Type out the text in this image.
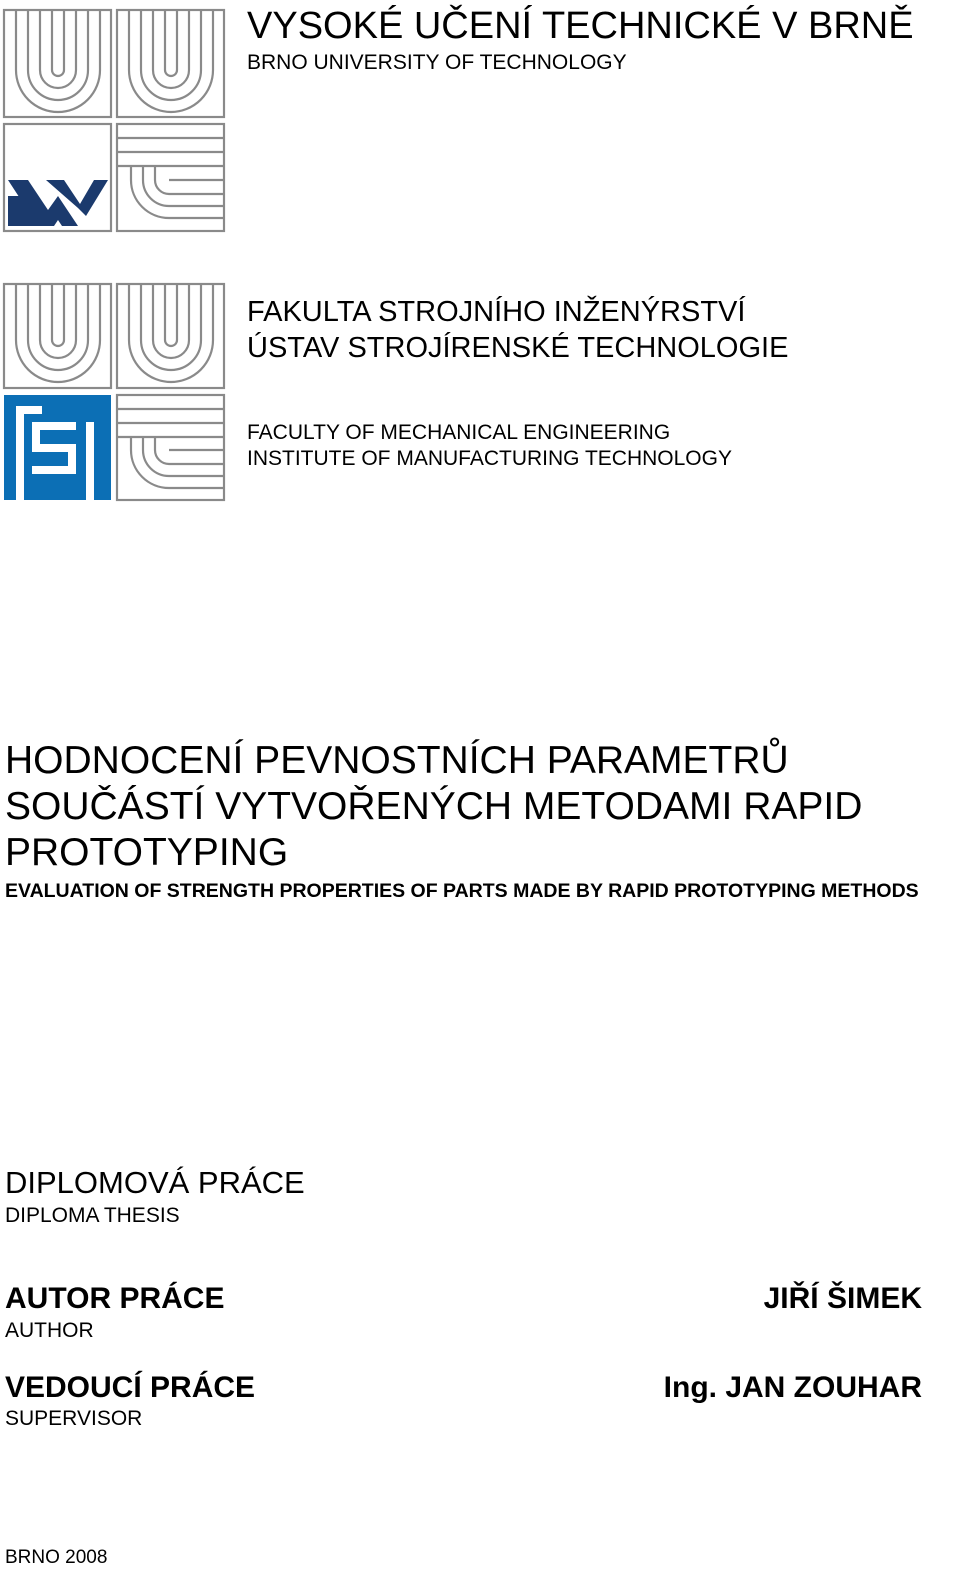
VYSOKÉ UČENÍ TECHNICKÉ V BRNĚ
BRNO UNIVERSITY OF TECHNOLOGY
FAKULTA STROJNÍHO INŽENÝRSTVÍ
ÚSTAV STROJÍRENSKÉ TECHNOLOGIE
FACULTY OF MECHANICAL ENGINEERING
INSTITUTE OF MANUFACTURING TECHNOLOGY
HODNOCENÍ PEVNOSTNÍCH PARAMETRŮ SOUČÁSTÍ VYTVOŘENÝCH METODAMI RAPID PROTOTYPING
EVALUATION OF STRENGTH PROPERTIES OF PARTS MADE BY RAPID PROTOTYPING METHODS
DIPLOMOVÁ PRÁCE
DIPLOMA THESIS
AUTOR PRÁCE
AUTHOR
JIŘÍ ŠIMEK
VEDOUCÍ PRÁCE
SUPERVISOR
Ing. JAN ZOUHAR
BRNO 2008
